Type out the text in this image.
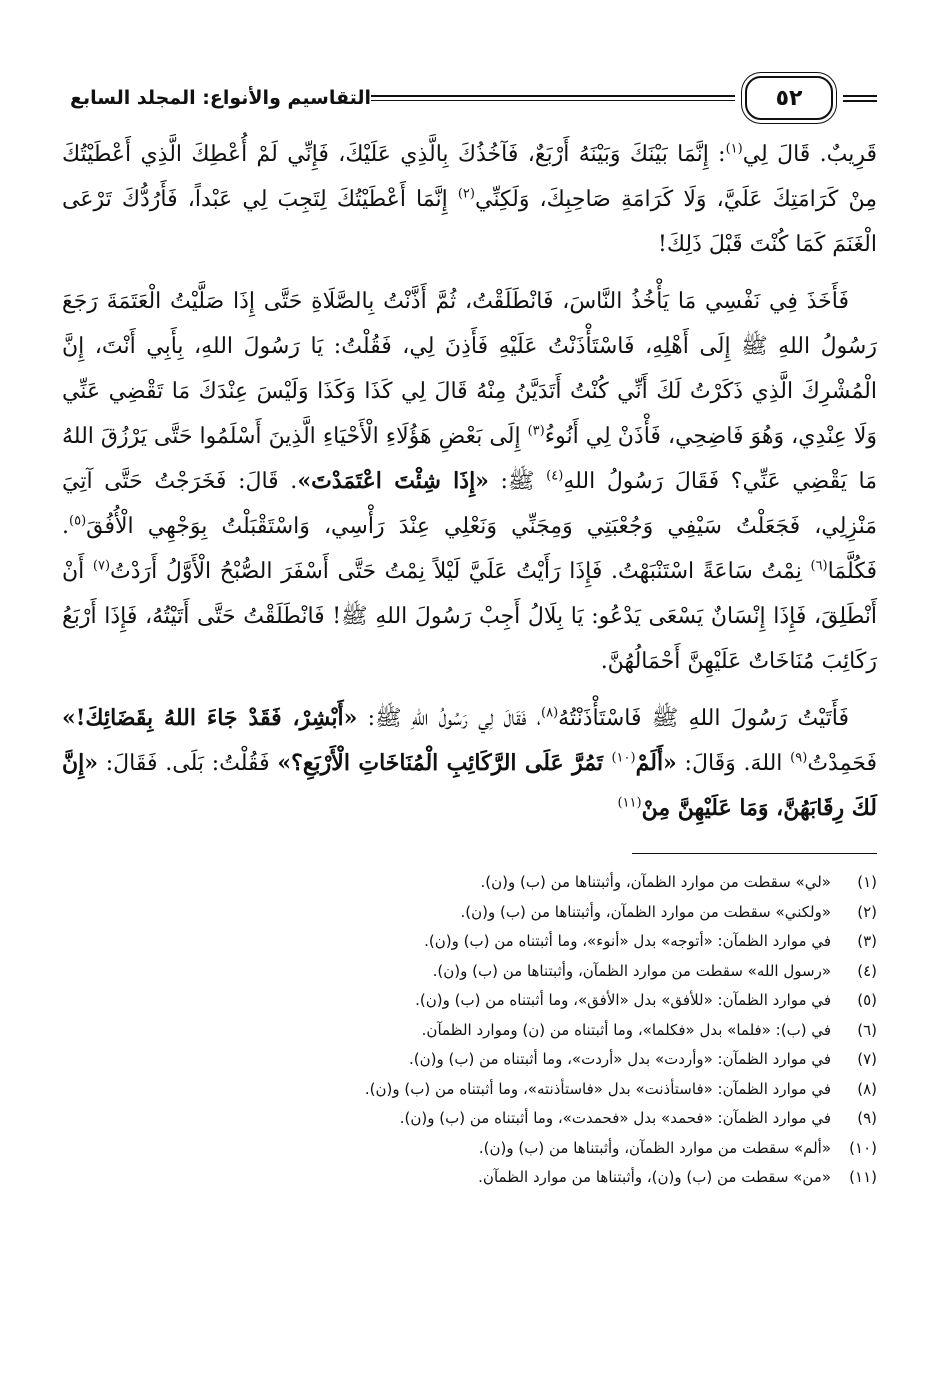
٥٢
التقاسيم والأنواع: المجلد السابع

قَرِيبٌ. قَالَ لِي$^{(١)}$: إِنَّمَا بَيْنَكَ وَبَيْنَهُ أَرْبَعٌ، فَآخُذُكَ بِالَّذِي عَلَيْكَ، فَإِنِّي لَمْ أُعْطِكَ الَّذِي أَعْطَيْتُكَ مِنْ كَرَامَتِكَ عَلَيَّ، وَلَا كَرَامَةِ صَاحِبِكَ، وَلَكِنِّي$^{(٢)}$ إِنَّمَا أَعْطَيْتُكَ لِتَجِبَ لِي عَبْداً، فَأَرُدُّكَ تَرْعَى الْغَنَمَ كَمَا كُنْتَ قَبْلَ ذَلِكَ!

فَأَخَذَ فِي نَفْسِي مَا يَأْخُذُ النَّاسَ، فَانْطَلَقْتُ، ثُمَّ أَذَّنْتُ بِالصَّلَاةِ حَتَّى إِذَا صَلَّيْتُ الْعَتَمَةَ رَجَعَ رَسُولُ اللهِ ﷺ إِلَى أَهْلِهِ، فَاسْتَأْذَنْتُ عَلَيْهِ فَأَذِنَ لِي، فَقُلْتُ: يَا رَسُولَ اللهِ، بِأَبِي أَنْتَ، إِنَّ الْمُشْرِكَ الَّذِي ذَكَرْتُ لَكَ أَنِّي كُنْتُ أَتَدَيَّنُ مِنْهُ قَالَ لِي كَذَا وَكَذَا وَلَيْسَ عِنْدَكَ مَا تَقْضِي عَنِّي وَلَا عِنْدِي، وَهُوَ فَاضِحِي، فَأْذَنْ لِي أَنُوءُ$^{(٣)}$ إِلَى بَعْضِ هَؤُلَاءِ الْأَحْيَاءِ الَّذِينَ أَسْلَمُوا حَتَّى يَرْزُقَ اللهُ مَا يَقْضِي عَنِّي؟ فَقَالَ رَسُولُ اللهِ$^{(٤)}$ ﷺ: «إِذَا شِئْتَ اعْتَمَدْتَ». قَالَ: فَخَرَجْتُ حَتَّى آتِيَ مَنْزِلِي، فَجَعَلْتُ سَيْفِي وَجُعْبَتِي وَمِجَنِّي وَنَعْلِي عِنْدَ رَأْسِي، وَاسْتَقْبَلْتُ بِوَجْهِي الْأُفُقَ$^{(٥)}$. فَكُلَّمَا$^{(٦)}$ نِمْتُ سَاعَةً اسْتَنْبَهْتُ. فَإِذَا رَأَيْتُ عَلَيَّ لَيْلاً نِمْتُ حَتَّى أَسْفَرَ الصُّبْحُ الْأَوَّلُ أَرَدْتُ$^{(٧)}$ أَنْ أَنْطَلِقَ، فَإِذَا إِنْسَانٌ يَسْعَى يَدْعُو: يَا بِلَالُ أَجِبْ رَسُولَ اللهِ ﷺ! فَانْطَلَقْتُ حَتَّى أَتَيْتُهُ، فَإِذَا أَرْبَعُ رَكَائِبَ مُنَاخَاتٌ عَلَيْهِنَّ أَحْمَالُهُنَّ.

فَأَتَيْتُ رَسُولَ اللهِ ﷺ فَاسْتَأْذَنْتُهُ$^{(٨)}$، فَقَالَ لِي رَسُولُ اللهِ ﷺ: «أَبْشِرْ، فَقَدْ جَاءَ اللهُ بِقَضَائِكَ!» فَحَمِدْتُ$^{(٩)}$ اللهَ. وَقَالَ: «أَلَمْ$^{(١٠)}$ تَمُرَّ عَلَى الرَّكَائِبِ الْمُنَاخَاتِ الْأَرْبَعِ؟» فَقُلْتُ: بَلَى. فَقَالَ: «إِنَّ لَكَ رِقَابَهُنَّ، وَمَا عَلَيْهِنَّ مِنْ$^{(١١)}$

(١)
«لي» سقطت من موارد الظمآن، وأثبتناها من (ب) و(ن).
(٢)
«ولكني» سقطت من موارد الظمآن، وأثبتناها من (ب) و(ن).
(٣)
في موارد الظمآن: «أتوجه» بدل «أنوء»، وما أثبتناه من (ب) و(ن).
(٤)
«رسول الله» سقطت من موارد الظمآن، وأثبتناها من (ب) و(ن).
(٥)
في موارد الظمآن: «للأفق» بدل «الأفق»، وما أثبتناه من (ب) و(ن).
(٦)
في (ب): «فلما» بدل «فكلما»، وما أثبتناه من (ن) وموارد الظمآن.
(٧)
في موارد الظمآن: «وأردت» بدل «أردت»، وما أثبتناه من (ب) و(ن).
(٨)
في موارد الظمآن: «فاستأذنت» بدل «فاستأذنته»، وما أثبتناه من (ب) و(ن).
(٩)
في موارد الظمآن: «فحمد» بدل «فحمدت»، وما أثبتناه من (ب) و(ن).
(١٠)
«ألم» سقطت من موارد الظمآن، وأثبتناها من (ب) و(ن).
(١١)
«من» سقطت من (ب) و(ن)، وأثبتناها من موارد الظمآن.
